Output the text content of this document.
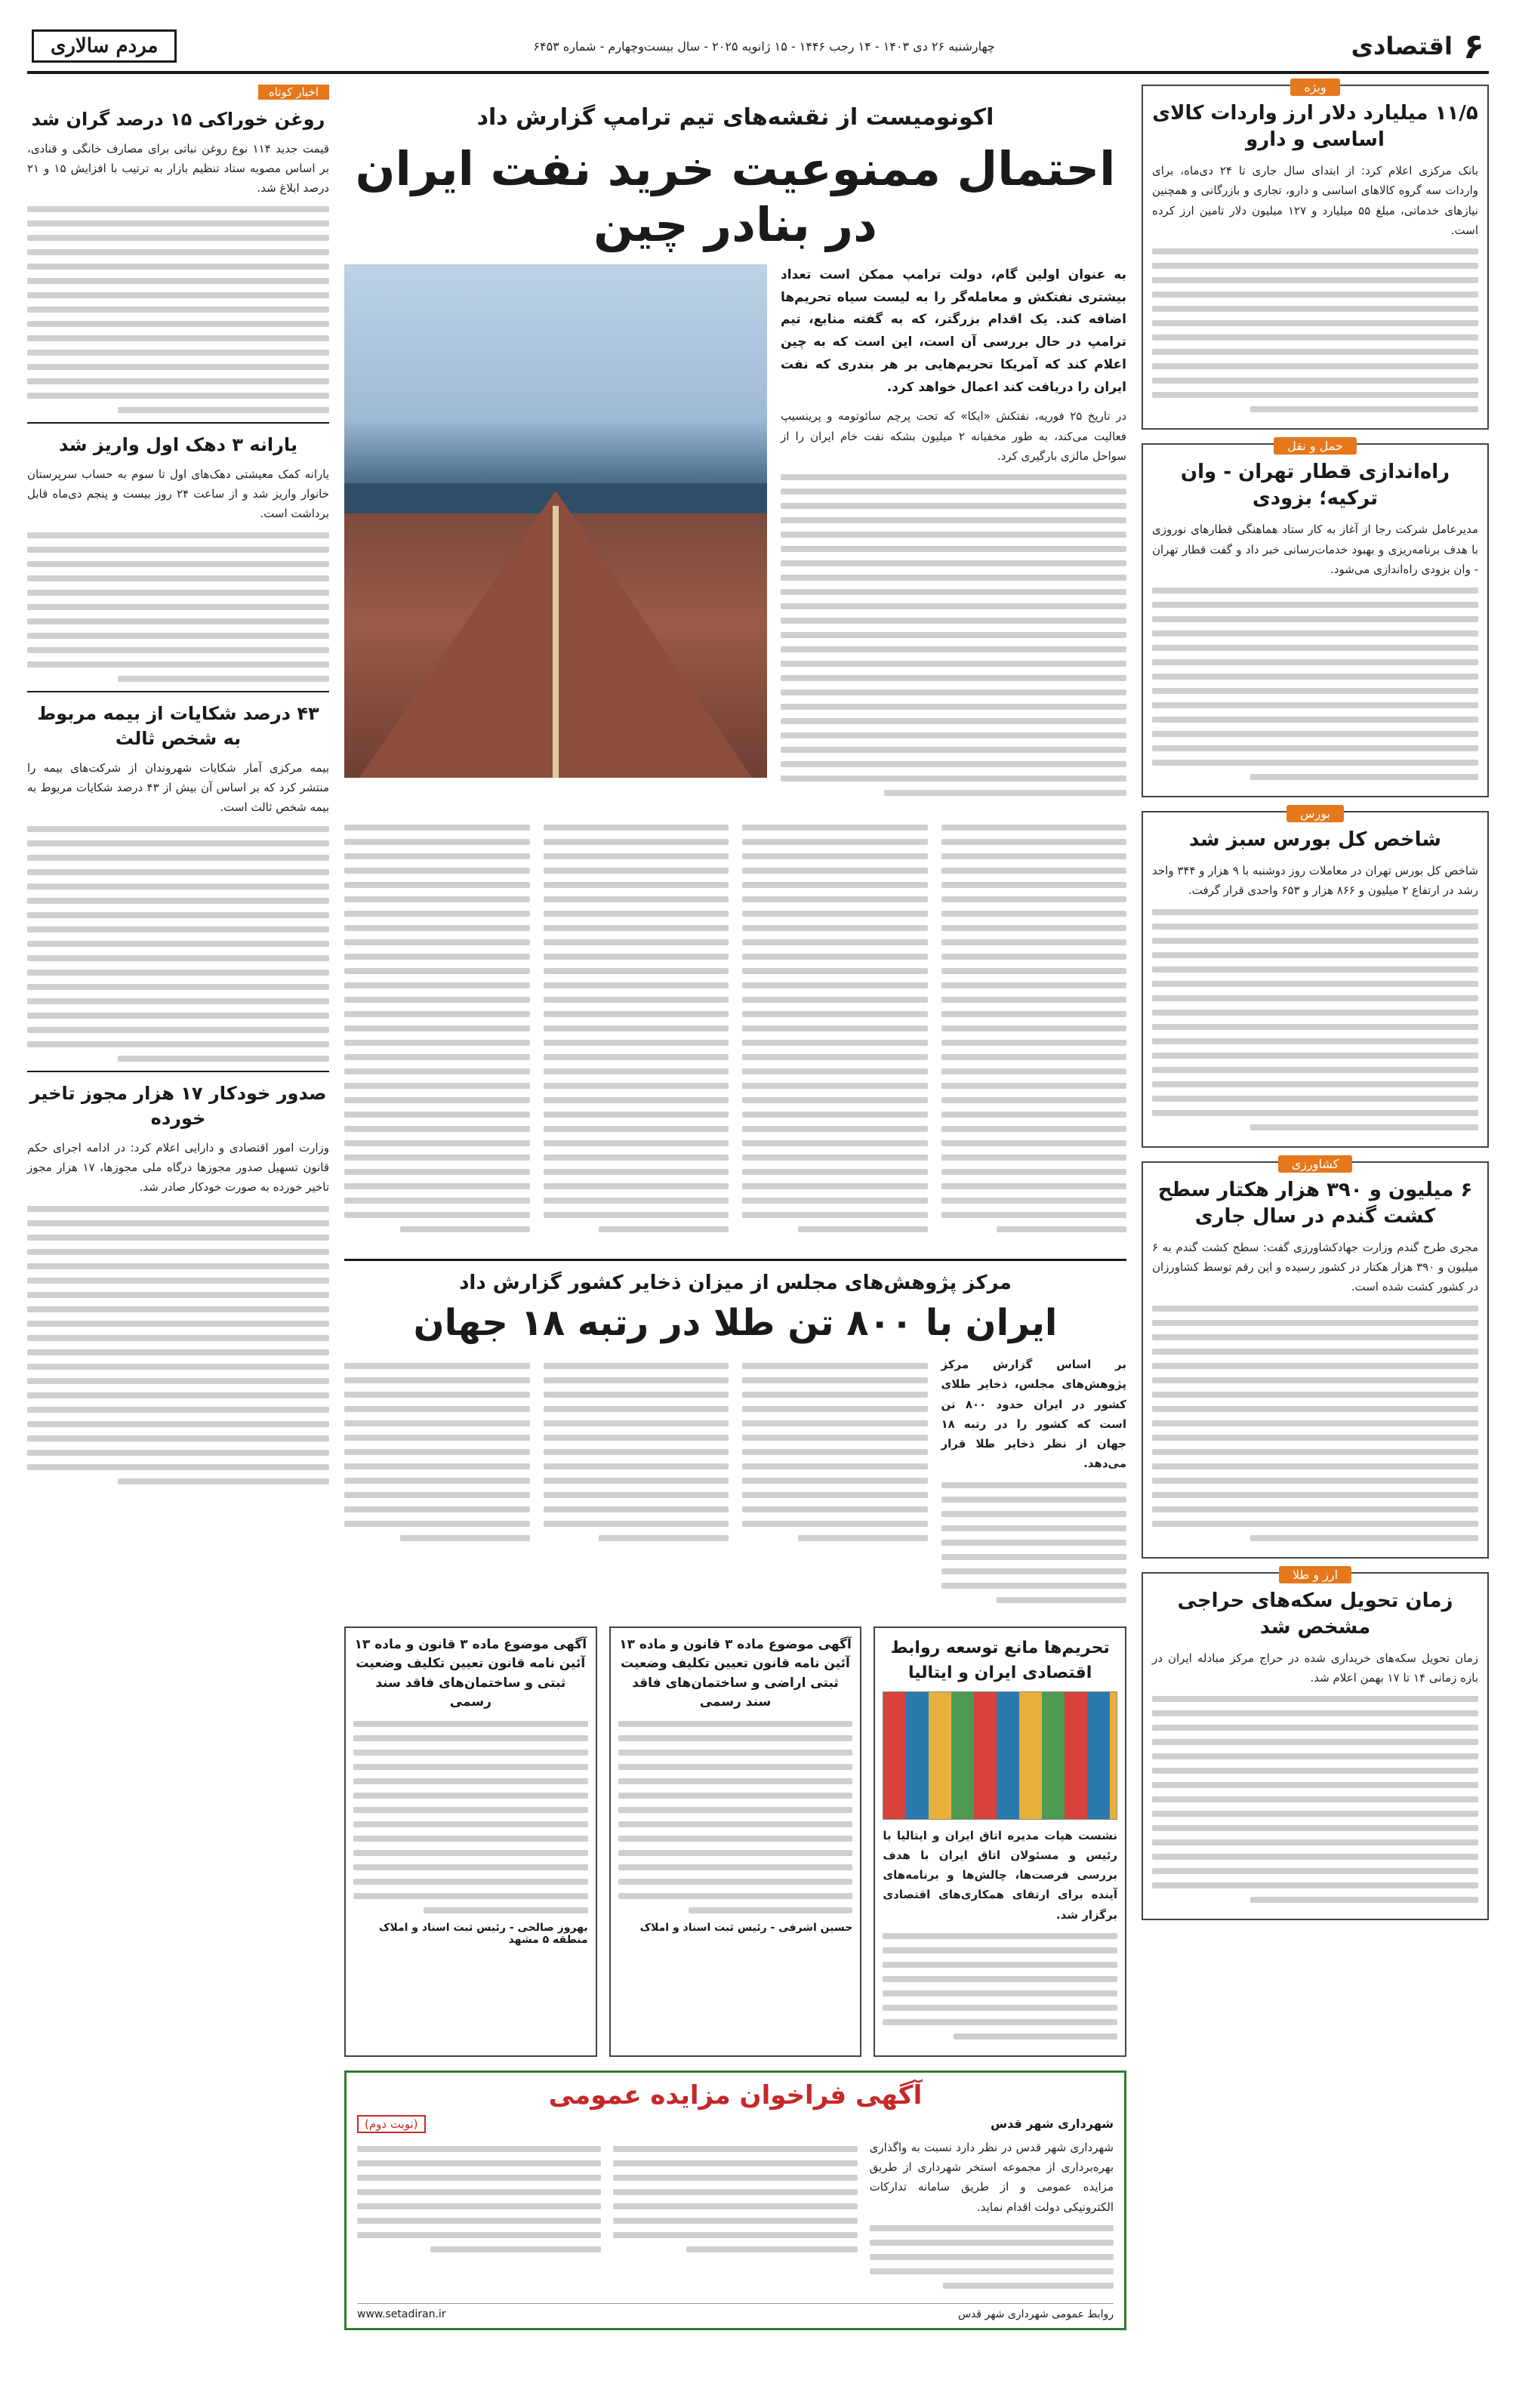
۶
اقتصادی
چهارشنبه ۲۶ دی ۱۴۰۳ - ۱۴ رجب ۱۴۴۶ - ۱۵ ژانویه ۲۰۲۵ - سال بیست‌وچهارم - شماره ۶۴۵۳
مردم سالاری
ویژه
۱۱/۵ میلیارد دلار ارز واردات کالای اساسی و دارو

بانک مرکزی اعلام کرد: از ابتدای سال جاری تا ۲۴ دی‌ماه، برای واردات سه گروه کالاهای اساسی و دارو، تجاری و بازرگانی و همچنین نیازهای خدماتی، مبلغ ۵۵ میلیارد و ۱۲۷ میلیون دلار تامین ارز کرده است.

حمل و نقل
راه‌اندازی قطار تهران - وان ترکیه؛ بزودی

مدیرعامل شرکت رجا از آغاز به کار ستاد هماهنگی قطارهای نوروزی با هدف برنامه‌ریزی و بهبود خدمات‌رسانی خبر داد و گفت قطار تهران - وان بزودی راه‌اندازی می‌شود.

بورس
شاخص کل بورس سبز شد

شاخص کل بورس تهران در معاملات روز دوشنبه با ۹ هزار و ۳۴۴ واحد رشد در ارتفاع ۲ میلیون و ۸۶۶ هزار و ۶۵۳ واحدی قرار گرفت.

کشاورزی
۶ میلیون و ۳۹۰ هزار هکتار سطح کشت گندم در سال جاری

مجری طرح گندم وزارت جهادکشاورزی گفت: سطح کشت گندم به ۶ میلیون و ۳۹۰ هزار هکتار در کشور رسیده و این رقم توسط کشاورزان در کشور کشت شده است.

ارز و طلا
زمان تحویل سکه‌های حراجی مشخص شد

زمان تحویل سکه‌های خریداری شده در حراج مرکز مبادله ایران در بازه زمانی ۱۴ تا ۱۷ بهمن اعلام شد.

اکونومیست از نقشه‌های تیم ترامپ گزارش داد
احتمال ممنوعیت خرید نفت ایران در بنادر چین

به عنوان اولین گام، دولت ترامپ ممکن است تعداد بیشتری نفتکش و معامله‌گر را به لیست سیاه تحریم‌ها اضافه کند. یک اقدام بزرگتر، که به گفته منابع، تیم ترامپ در حال بررسی آن است، این است که به چین اعلام کند که آمریکا تحریم‌هایی بر هر بندری که نفت ایران را دریافت کند اعمال خواهد کرد.

در تاریخ ۲۵ فوریه، نفتکش «ایکا» که تحت پرچم سائوتومه و پرینسیپ فعالیت می‌کند، به طور مخفیانه ۲ میلیون بشکه نفت خام ایران را از سواحل مالزی بارگیری کرد.

مرکز پژوهش‌های مجلس از میزان ذخایر کشور گزارش داد
ایران با ۸۰۰ تن طلا در رتبه ۱۸ جهان

بر اساس گزارش مرکز پژوهش‌های مجلس، ذخایر طلای کشور در ایران حدود ۸۰۰ تن است که کشور را در رتبه ۱۸ جهان از نظر ذخایر طلا قرار می‌دهد.

تحریم‌ها مانع توسعه روابط اقتصادی ایران و ایتالیا

نشست هیات مدیره اتاق ایران و ایتالیا با رئیس و مسئولان اتاق ایران با هدف بررسی فرصت‌ها، چالش‌ها و برنامه‌های آینده برای ارتقای همکاری‌های اقتصادی برگزار شد.

آگهی موضوع ماده ۳ قانون و ماده ۱۳ آئین نامه قانون تعیین تکلیف وضعیت ثبتی اراضی و ساختمان‌های فاقد سند رسمی
حسین اشرفی - رئیس ثبت اسناد و املاک
آگهی موضوع ماده ۳ قانون و ماده ۱۳ آئین نامه قانون تعیین تکلیف وضعیت ثبتی و ساختمان‌های فاقد سند رسمی
بهروز صالحی - رئیس ثبت اسناد و املاک منطقه ۵ مشهد
آگهی فراخوان مزایده عمومی
شهرداری شهر قدس
(نوبت دوم)

شهرداری شهر قدس در نظر دارد نسبت به واگذاری بهره‌برداری از مجموعه استخر شهرداری از طریق مزایده عمومی و از طریق سامانه تدارکات الکترونیکی دولت اقدام نماید.

روابط عمومی شهرداری شهر قدس
www.setadiran.ir
اخبار کوتاه
روغن خوراکی ۱۵ درصد گران شد

قیمت جدید ۱۱۴ نوع روغن نباتی برای مصارف خانگی و قنادی، بر اساس مصوبه ستاد تنظیم بازار به ترتیب با افزایش ۱۵ و ۲۱ درصد ابلاغ شد.

یارانه ۳ دهک اول واریز شد

یارانه کمک معیشتی دهک‌های اول تا سوم به حساب سرپرستان خانوار واریز شد و از ساعت ۲۴ روز بیست و پنجم دی‌ماه قابل برداشت است.

۴۳ درصد شکایات از بیمه مربوط به شخص ثالث

بیمه مرکزی آمار شکایات شهروندان از شرکت‌های بیمه را منتشر کرد که بر اساس آن بیش از ۴۳ درصد شکایات مربوط به بیمه شخص ثالث است.

صدور خودکار ۱۷ هزار مجوز تاخیر خورده

وزارت امور اقتصادی و دارایی اعلام کرد: در ادامه اجرای حکم قانون تسهیل صدور مجوزها درگاه ملی مجوزها، ۱۷ هزار مجوز تاخیر خورده به صورت خودکار صادر شد.
